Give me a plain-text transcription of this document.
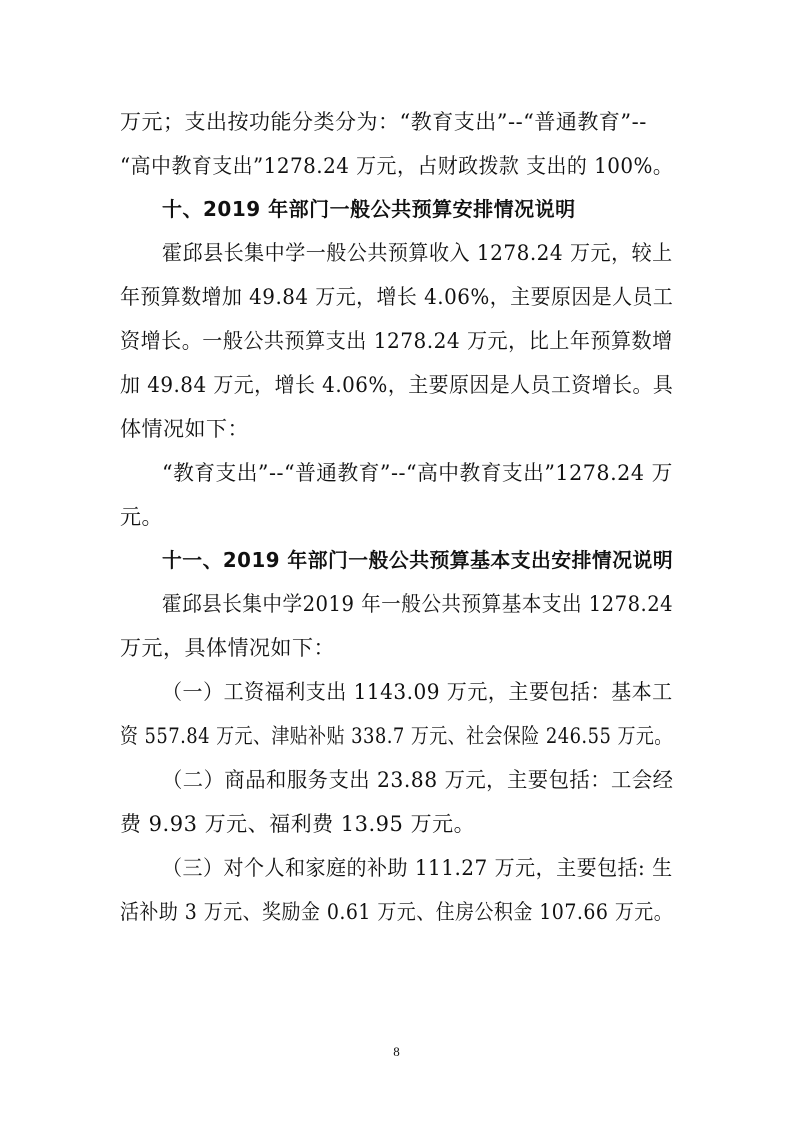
万元；支出按功能分类分为：“教育支出”--“普通教育”--
“高中教育支出”1278.24 万元，占财政拨款 支出的 100%。
十、2019 年部门一般公共预算安排情况说明
霍邱县长集中学一般公共预算收入 1278.24 万元，较上
年预算数增加 49.84 万元，增长 4.06%，主要原因是人员工
资增长。一般公共预算支出 1278.24 万元，比上年预算数增
加 49.84 万元，增长 4.06%，主要原因是人员工资增长。具
体情况如下：
“教育支出”--“普通教育”--“高中教育支出”1278.24 万
元。
十一、2019 年部门一般公共预算基本支出安排情况说明
霍邱县长集中学2019 年一般公共预算基本支出 1278.24
万元，具体情况如下：
（一）工资福利支出 1143.09 万元，主要包括：基本工
资 557.84 万元、津贴补贴 338.7 万元、社会保险 246.55 万元。
（二）商品和服务支出 23.88 万元，主要包括：工会经
费 9.93 万元、福利费 13.95 万元。
（三）对个人和家庭的补助 111.27 万元，主要包括: 生
活补助 3 万元、奖励金 0.61 万元、住房公积金 107.66 万元。
8
